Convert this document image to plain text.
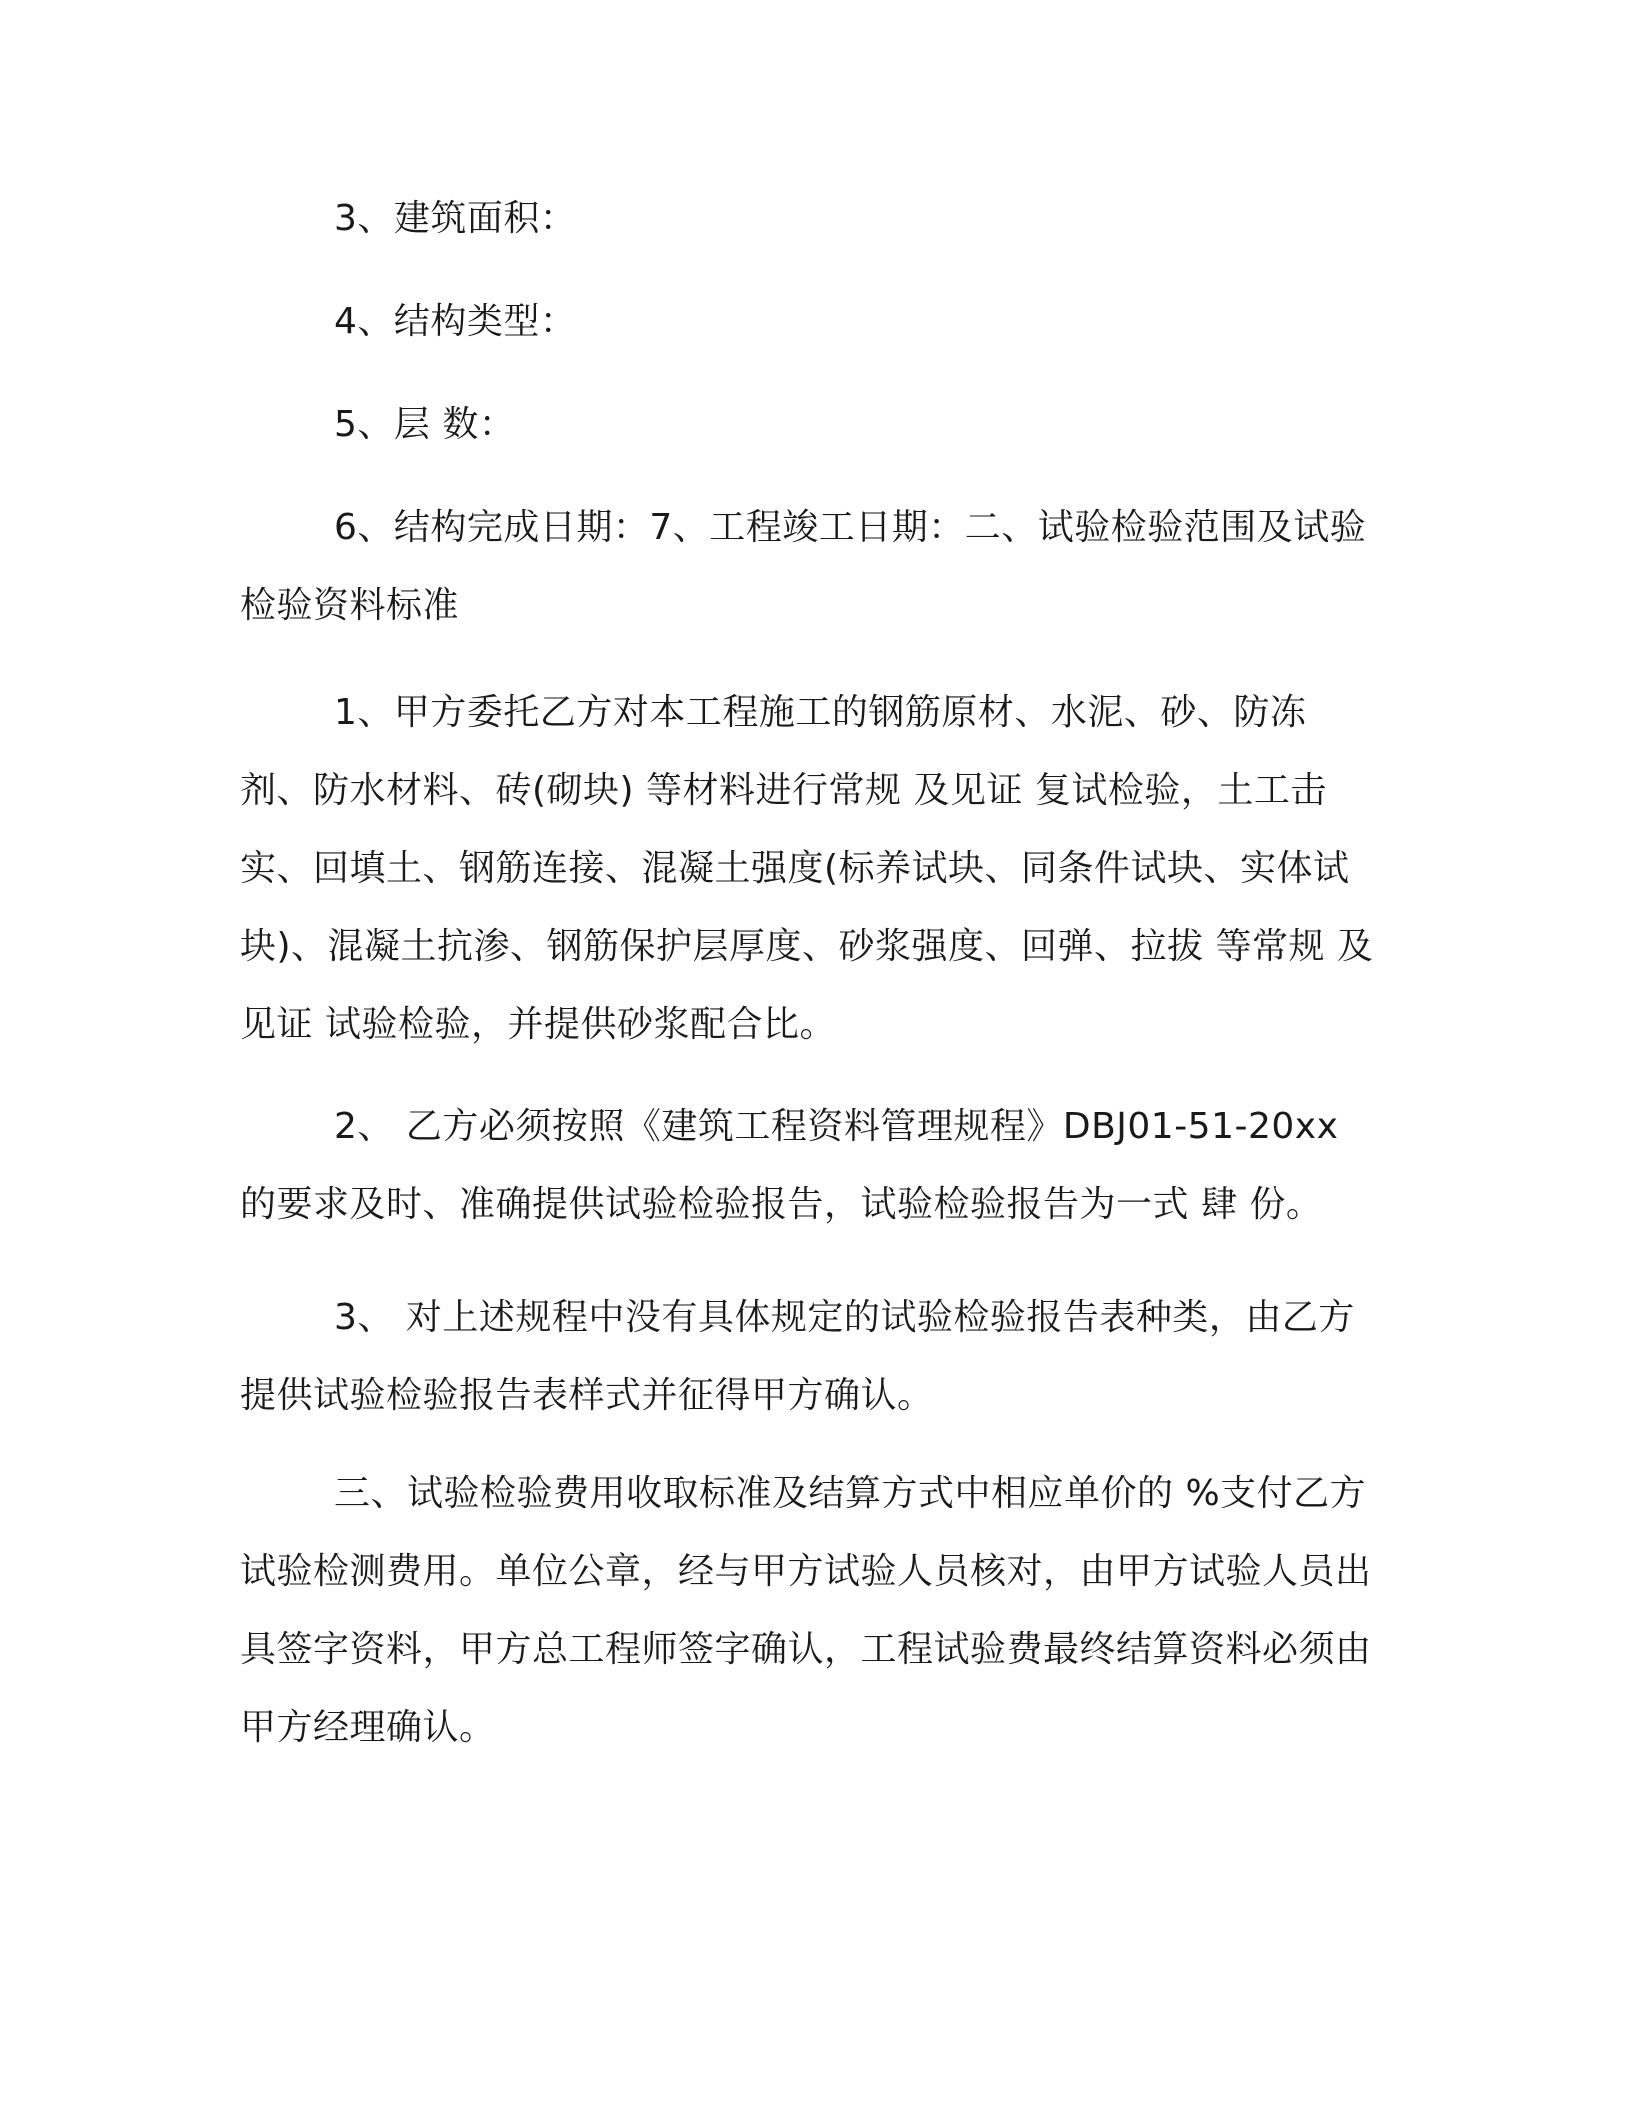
3、建筑面积：

4、结构类型：

5、层 数：

6、结构完成日期：7、工程竣工日期：二、试验检验范围及试验检验资料标准

1、甲方委托乙方对本工程施工的钢筋原材、水泥、砂、防冻剂、防水材料、砖(砌块) 等材料进行常规 及见证 复试检验，土工击实、回填土、钢筋连接、混凝土强度(标养试块、同条件试块、实体试块)、混凝土抗渗、钢筋保护层厚度、砂浆强度、回弹、拉拔 等常规 及见证 试验检验，并提供砂浆配合比。

2、 乙方必须按照《建筑工程资料管理规程》DBJ01-51-20xx 的要求及时、准确提供试验检验报告，试验检验报告为一式 肆 份。

3、 对上述规程中没有具体规定的试验检验报告表种类，由乙方提供试验检验报告表样式并征得甲方确认。

三、试验检验费用收取标准及结算方式中相应单价的 %支付乙方试验检测费用。单位公章，经与甲方试验人员核对，由甲方试验人员出具签字资料，甲方总工程师签字确认，工程试验费最终结算资料必须由甲方经理确认。
